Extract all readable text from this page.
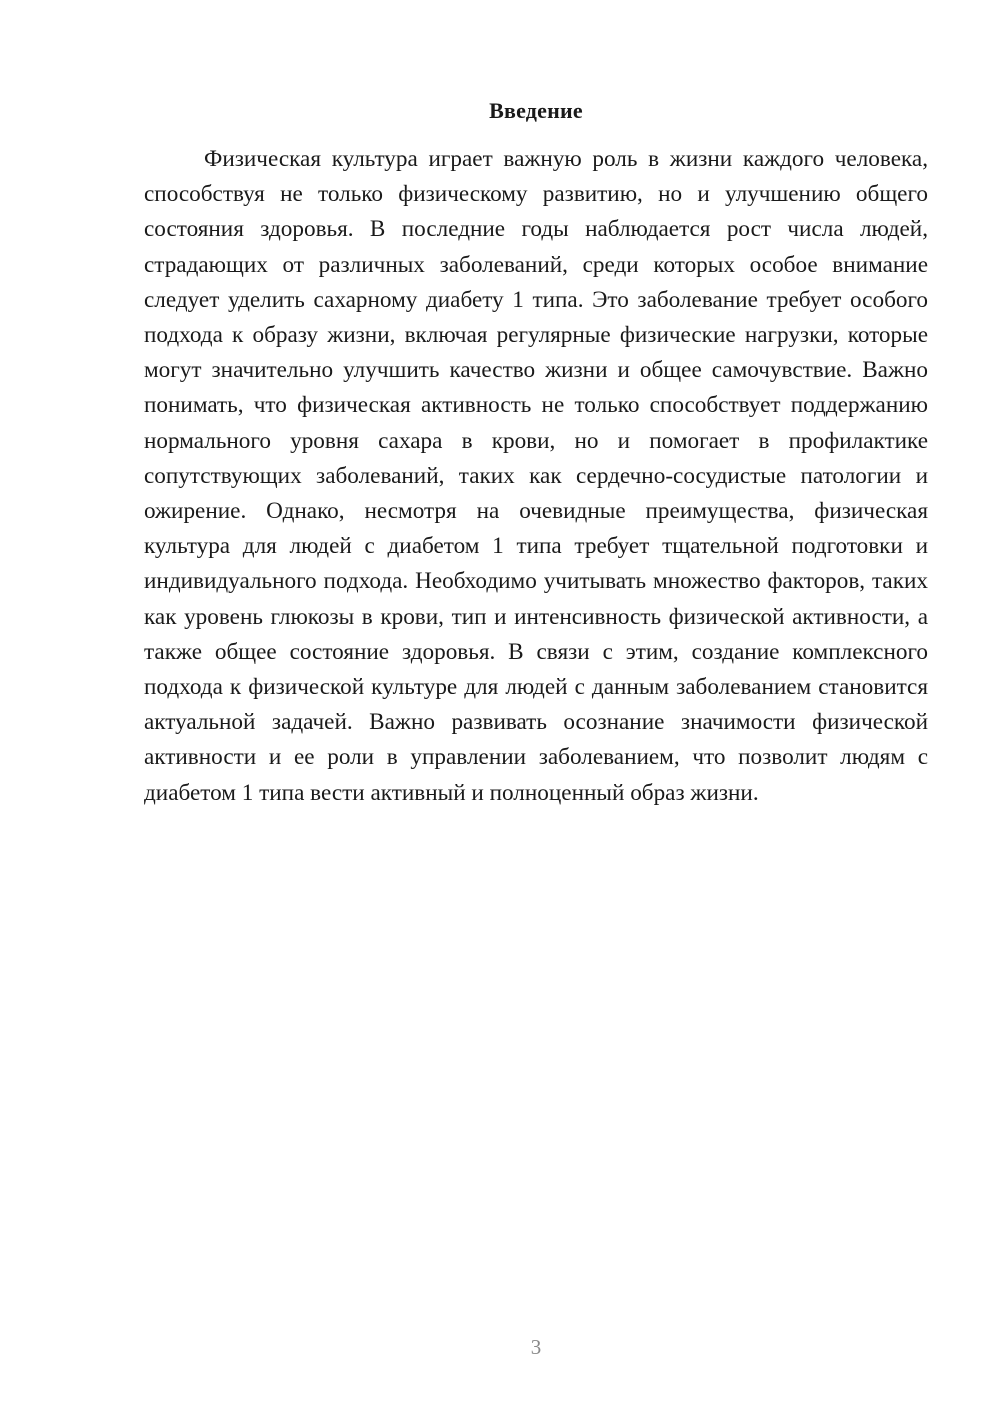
Введение

Физическая культура играет важную роль в жизни каждого человека, способствуя не только физическому развитию, но и улучшению общего состояния здоровья. В последние годы наблюдается рост числа людей, страдающих от различных заболеваний, среди которых особое внимание следует уделить сахарному диабету 1 типа. Это заболевание требует особого подхода к образу жизни, включая регулярные физические нагрузки, которые могут значительно улучшить качество жизни и общее самочувствие. Важно понимать, что физическая активность не только способствует поддержанию нормального уровня сахара в крови, но и помогает в профилактике сопутствующих заболеваний, таких как сердечно-сосудистые патологии и ожирение. Однако, несмотря на очевидные преимущества, физическая культура для людей с диабетом 1 типа требует тщательной подготовки и индивидуального подхода. Необходимо учитывать множество факторов, таких как уровень глюкозы в крови, тип и интенсивность физической активности, а также общее состояние здоровья. В связи с этим, создание комплексного подхода к физической культуре для людей с данным заболеванием становится актуальной задачей. Важно развивать осознание значимости физической активности и ее роли в управлении заболеванием, что позволит людям с диабетом 1 типа вести активный и полноценный образ жизни.

3
